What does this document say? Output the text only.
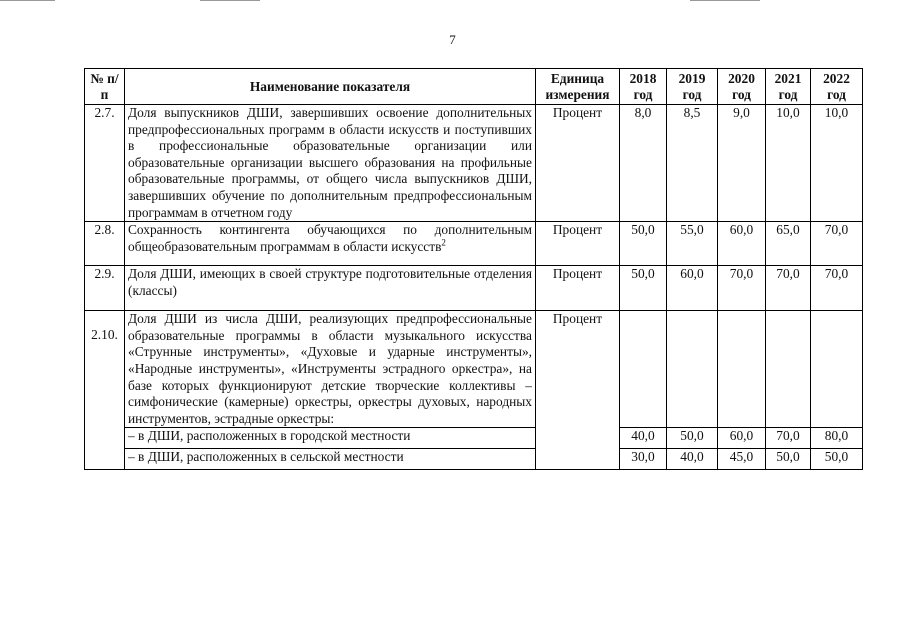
7
№ п/п	Наименование показателя	Единица измерения	2018 год	2019 год	2020 год	2021 год	2022 год
2.7.	Доля выпускников ДШИ, завершивших освоение дополнительных предпрофессиональных программ в области искусств и поступивших в профессиональные образовательные организации или образовательные организации высшего образования на профильные образовательные программы, от общего числа выпускников ДШИ, завершивших обучение по дополнительным предпрофессиональным программам в отчетном году	Процент	8,0	8,5	9,0	10,0	10,0
2.8.	Сохранность контингента обучающихся по дополнительным общеобразовательным программам в области искусств$^2$	Процент	50,0	55,0	60,0	65,0	70,0
2.9.	Доля ДШИ, имеющих в своей структуре подготовительные отделения (классы)	Процент	50,0	60,0	70,0	70,0	70,0
2.10.	Доля ДШИ из числа ДШИ, реализующих предпрофессиональные образовательные программы в области музыкального искусства «Струнные инструменты», «Духовые и ударные инструменты», «Народные инструменты», «Инструменты эстрадного оркестра», на базе которых функционируют детские творческие коллективы – симфонические (камерные) оркестры, оркестры духовых, народных инструментов, эстрадные оркестры:	Процент					
	– в ДШИ, расположенных в городской местности		40,0	50,0	60,0	70,0	80,0
	– в ДШИ, расположенных в сельской местности		30,0	40,0	45,0	50,0	50,0
